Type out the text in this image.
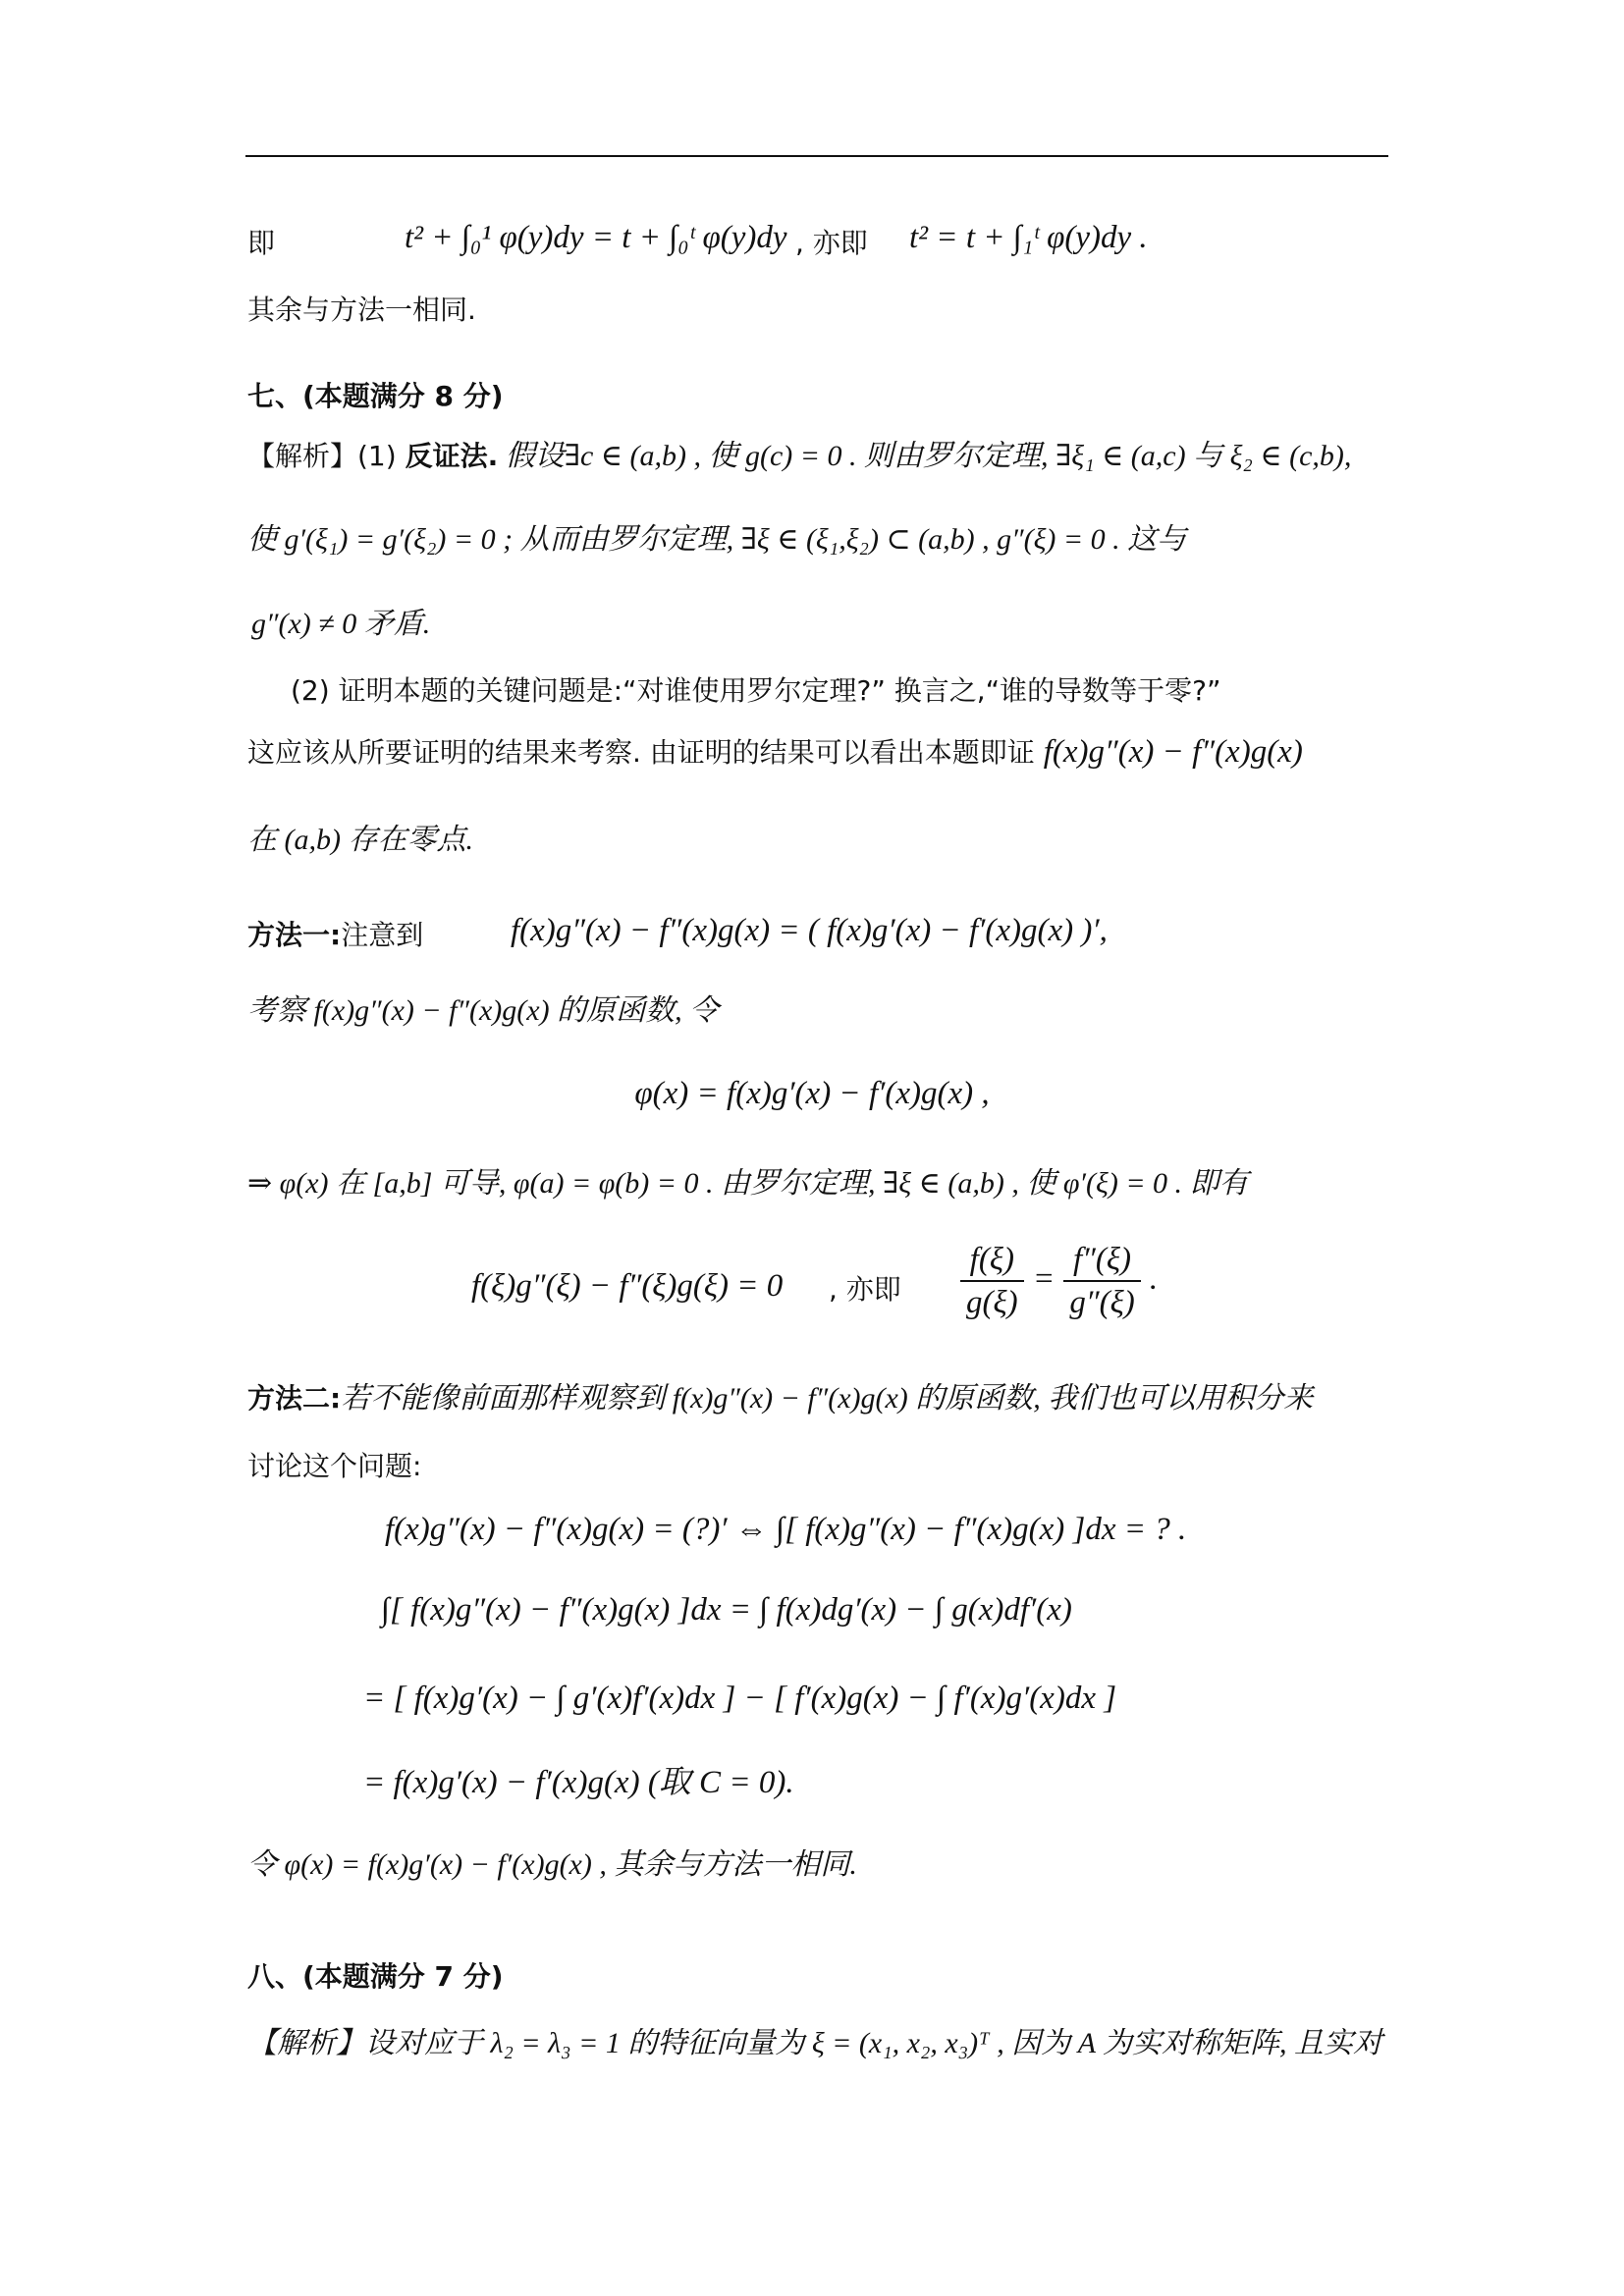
即	t² + ∫₀¹ φ(y)dy = t + ∫₀ᵗ φ(y)dy , 亦即 t² = t + ∫₁ᵗ φ(y)dy .
其余与方法一相同.
七、(本题满分 8 分)
【解析】(1) 反证法. 假设∃c ∈ (a,b) , 使 g(c) = 0 . 则由罗尔定理, ∃ξ₁ ∈ (a,c) 与 ξ₂ ∈ (c,b),
使 g′(ξ₁) = g′(ξ₂) = 0 ; 从而由罗尔定理, ∃ξ ∈ (ξ₁,ξ₂) ⊂ (a,b) , g″(ξ) = 0 . 这与
g″(x) ≠ 0 矛盾.
(2) 证明本题的关键问题是:“对谁使用罗尔定理?” 换言之,“谁的导数等于零?”
这应该从所要证明的结果来考察. 由证明的结果可以看出本题即证 f(x)g″(x) − f″(x)g(x)
在 (a,b) 存在零点.
方法一:注意到	f(x)g″(x) − f″(x)g(x) = ( f(x)g′(x) − f′(x)g(x) )′,
考察 f(x)g″(x) − f″(x)g(x) 的原函数, 令
φ(x) = f(x)g′(x) − f′(x)g(x) ,
⇒ φ(x) 在 [a,b] 可导, φ(a) = φ(b) = 0 . 由罗尔定理, ∃ξ ∈ (a,b) , 使 φ′(ξ) = 0 . 即有
f(ξ)g″(ξ) − f″(ξ)g(ξ) = 0 , 亦即 $\frac{f(\xi)}{g(\xi)} = \frac{f''(\xi)}{g''(\xi)}$ .
方法二:若不能像前面那样观察到 f(x)g″(x) − f″(x)g(x) 的原函数, 我们也可以用积分来
讨论这个问题:
f(x)g″(x) − f″(x)g(x) = (?)′ ⇔ ∫[ f(x)g″(x) − f″(x)g(x) ]dx = ? .
∫[ f(x)g″(x) − f″(x)g(x) ]dx = ∫ f(x)dg′(x) − ∫ g(x)df′(x)
= [ f(x)g′(x) − ∫ g′(x)f′(x)dx ] − [ f′(x)g(x) − ∫ f′(x)g′(x)dx ]
= f(x)g′(x) − f′(x)g(x) (取 C = 0).
令 φ(x) = f(x)g′(x) − f′(x)g(x) , 其余与方法一相同.
八、(本题满分 7 分)
【解析】设对应于 λ₂ = λ₃ = 1 的特征向量为 ξ = (x₁, x₂, x₃)ᵀ , 因为 A 为实对称矩阵, 且实对
